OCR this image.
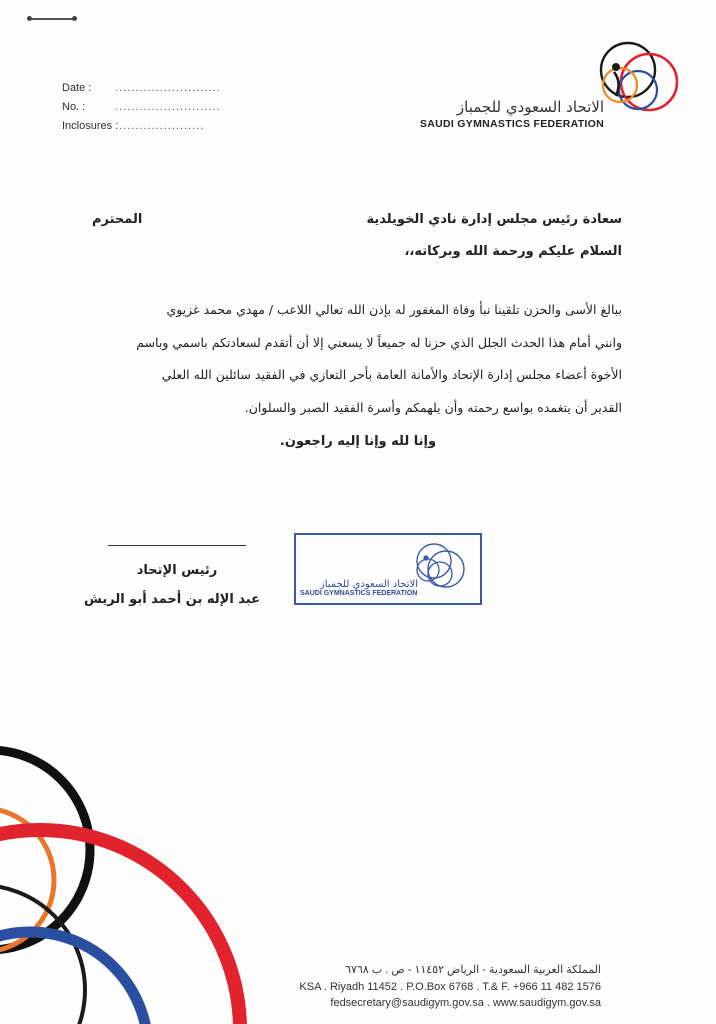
Date : ..........................
No. :	..........................
Inclosures : ......................
الاتحاد السعودي للجمباز
SAUDI GYMNASTICS FEDERATION
سعادة رئيس مجلس إدارة نادي الخويلدية
المحترم
السلام عليكم ورحمة الله وبركاته،،
ببالغ الأسى والحزن تلقينا نبأ وفاة المغفور له بإذن الله تعالي اللاعب / مهدي محمد غزيوي
وانني أمام هذا الحدث الجلل الذي حزنا له جميعاً لا يسعني إلا أن أتقدم لسعادتكم باسمي وباسم
الأخوة أعضاء مجلس إدارة الإتحاد والأمانة العامة بأحر التعازي في الفقيد سائلين الله العلي
القدير أن يتغمده بواسع رحمته وأن يلهمكم وأسرة الفقيد الصبر والسلوان.
وإنا لله وإنا إليه راجعون.
رئيس الإتحاد
عبد الإله بن أحمد أبو الريش
الاتحاد السعودي للجمباز
SAUDI GYMNASTICS FEDERATION
المملكة العربية السعودية - الرياض ١١٤٥٢ - ص . ب ٦٧٦٨
KSA . Riyadh 11452 . P.O.Box 6768 . T.& F. +966 11 482 1576
fedsecretary@saudigym.gov.sa . www.saudigym.gov.sa
